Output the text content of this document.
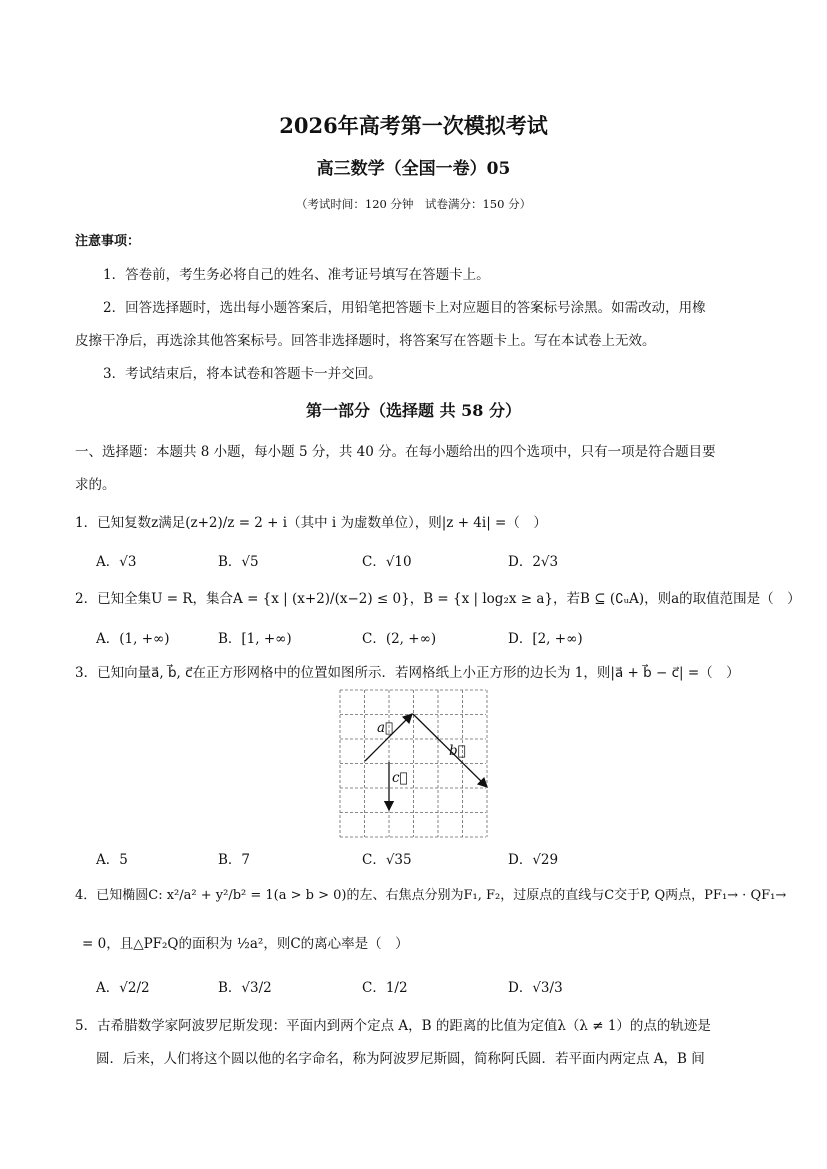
2026年高考第一次模拟考试
高三数学（全国一卷）05
（考试时间：120 分钟　试卷满分：150 分）
注意事项：
1．答卷前，考生务必将自己的姓名、准考证号填写在答题卡上。
2．回答选择题时，选出每小题答案后，用铅笔把答题卡上对应题目的答案标号涂黑。如需改动，用橡
皮擦干净后，再选涂其他答案标号。回答非选择题时，将答案写在答题卡上。写在本试卷上无效。
3．考试结束后，将本试卷和答题卡一并交回。
第一部分（选择题 共 58 分）
一、选择题：本题共 8 小题，每小题 5 分，共 40 分。在每小题给出的四个选项中，只有一项是符合题目要
求的。
1．已知复数z满足(z+2)/z = 2 + i（其中 i 为虚数单位），则|z + 4i| =（　）
A．√3	B．√5	C．√10	D．2√3
2．已知全集U = R，集合A = {x | (x+2)/(x−2) ≤ 0}，B = {x | log₂x ≥ a}，若B ⊆ (∁ᵤA)，则a的取值范围是（　）
A．(1, +∞)	B．[1, +∞)	C．(2, +∞)	D．[2, +∞)
3．已知向量a⃗, b⃗, c⃗在正方形网格中的位置如图所示．若网格纸上小正方形的边长为 1，则|a⃗ + b⃗ − c⃗| =（　）
a⃗
b⃗
c⃗
A．5	B．7	C．√35	D．√29
4．已知椭圆C: x²/a² + y²/b² = 1(a > b > 0)的左、右焦点分别为F₁, F₂，过原点的直线与C交于P, Q两点，PF₁→ · QF₁→
= 0，且△PF₂Q的面积为 ½a²，则C的离心率是（　）
A．√2/2	B．√3/2	C．1/2	D．√3/3
5．古希腊数学家阿波罗尼斯发现：平面内到两个定点 A，B 的距离的比值为定值λ（λ ≠ 1）的点的轨迹是
圆．后来，人们将这个圆以他的名字命名，称为阿波罗尼斯圆，简称阿氏圆．若平面内两定点 A，B 间
